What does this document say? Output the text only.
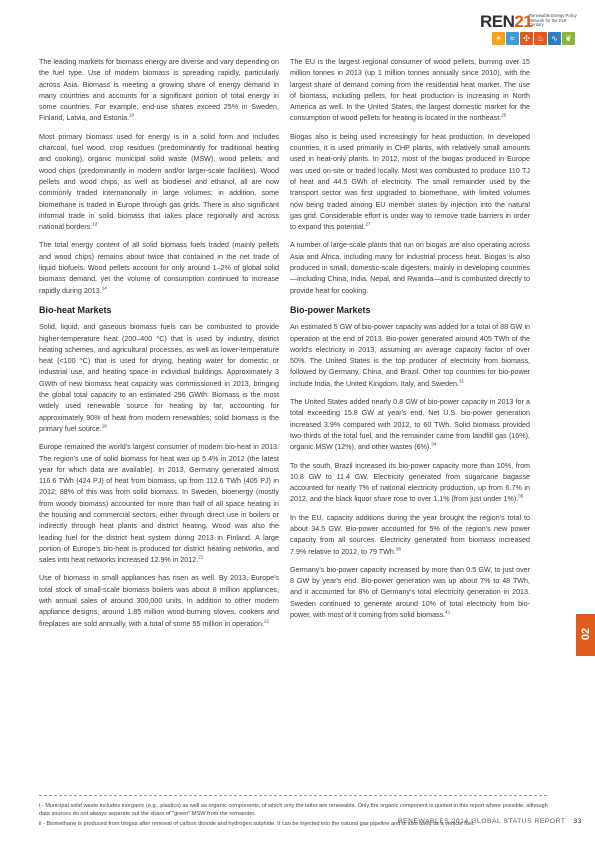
REN21
Renewable Energy Policy Network for the 21st Century
☀	≈	✣ ♨ ∿ ❦

The leading markets for biomass energy are diverse and vary depending on the fuel type. Use of modern biomass is spreading rapidly, particularly across Asia. Biomass is meeting a growing share of energy demand in many countries and accounts for a significant portion of total energy in some countries. For example, end-use shares exceed 25% in Sweden, Finland, Latvia, and Estonia.$^{10}$

Most primary biomass used for energy is in a solid form and includes charcoal, fuel wood, crop residues (predominantly for traditional heating and cooking), organic municipal solid waste (MSW), wood pellets, and wood chips (predominantly in modern and/or larger-scale facilities). Wood pellets and wood chips, as well as biodiesel and ethanol, all are now commonly traded internationally in large volumes; in addition, some biomethane is traded in Europe through gas grids. There is also significant informal trade in solid biomass that takes place regionally and across national borders.$^{12}$

The total energy content of all solid biomass fuels traded (mainly pellets and wood chips) remains about twice that contained in the net trade of liquid biofuels. Wood pellets account for only around 1–2% of global solid biomass demand, yet the volume of consumption continued to increase rapidly during 2013.14

Bio-heat Markets

Solid, liquid, and gaseous biomass fuels can be combusted to provide higher-temperature heat (200–400 °C) that is used by industry, district heating schemes, and agricultural processes, as well as lower-temperature heat (<100 °C) that is used for drying, heating water for domestic or industrial use, and heating space in individual buildings. Approximately 3 GWth of new biomass heat capacity was commissioned in 2013, bringing the global total capacity to an estimated 296 GWth. Biomass is the most widely used renewable source for heating by far, accounting for approximately 90% of heat from modern renewables; solid biomass is the primary fuel source.$^{16}$

Europe remained the world's largest consumer of modern bio-heat in 2013. The region's use of solid biomass for heat was up 5.4% in 2012 (the latest year for which data are available). In 2013, Germany generated almost 116.6 TWh (424 PJ) of heat from biomass, up from 112.6 TWh (405 PJ) in 2012; 88% of this was from solid biomass. In Sweden, bioenergy (mostly from woody biomass) accounted for more than half of all space heating in the housing and commercial sectors, either through direct use in boilers or indirectly through heat plants and district heating. Wood was also the leading fuel for the district heat system during 2013 in Finland. A large portion of Europe's bio-heat is produced for district heating networks, and sales into heat networks increased 12.9% in 2012.21

Use of biomass in small appliances has risen as well. By 2013, Europe's total stock of small-scale biomass boilers was about 8 million appliances, with annual sales of around 300,000 units. In addition to other modern appliance designs, around 1.85 million wood-burning stoves, cookers and fireplaces are sold annually, with a total of some 55 million in operation.$^{22}$

The EU is the largest regional consumer of wood pellets, burning over 15 million tonnes in 2013 (up 1 million tonnes annually since 2010), with the largest share of demand coming from the residential heat market. The use of biomass, including pellets, for heat production is increasing in North America as well. In the United States, the largest domestic market for the consumption of wood pellets for heating is located in the northeast.$^{25}$

Biogas also is being used increasingly for heat production. In developed countries, it is used primarily in CHP plants, with relatively small amounts used in heat-only plants. In 2012, most of the biogas produced in Europe was used on-site or traded locally. Most was combusted to produce 110 TJ of heat and 44.5 GWh of electricity. The small remainder used by the transport sector was first upgraded to biomethane, with limited volumes now being traded among EU member states by injection into the natural gas grid. Considerable effort is under way to remove trade barriers in order to expand this potential.$^{27}$

A number of large-scale plants that run on biogas are also operating across Asia and Africa, including many for industrial process heat. Biogas is also produced in small, domestic-scale digesters, mainly in developing countries—including China, India, Nepal, and Rwanda—and is combusted directly to provide heat for cooking.

Bio-power Markets

An estimated 5 GW of bio-power capacity was added for a total of 88 GW in operation at the end of 2013. Bio-power generated around 405 TWh of the world's electricity in 2013, assuming an average capacity factor of over 50%. The United States is the top producer of electricity from biomass, followed by Germany, China, and Brazil. Other top countries for bio-power include India, the United Kingdom, Italy, and Sweden.$^{31}$

The United States added nearly 0.8 GW of bio-power capacity in 2013 for a total exceeding 15.8 GW at year's end. Net U.S. bio-power generation increased 3.9% compared with 2012, to 60 TWh. Solid biomass provided two-thirds of the total fuel, and the remainder came from landfill gas (16%), organic MSW (12%), and other wastes (6%).$^{34}$

To the south, Brazil increased its bio-power capacity more than 10%, from 10.8 GW to 11.4 GW. Electricity generated from sugarcane bagasse accounted for nearly 7% of national electricity production, up from 6.7% in 2012, and the black liquor share rose to over 1.1% (from just under 1%).$^{35}$

In the EU, capacity additions during the year brought the region's total to about 34.5 GW. Bio-power accounted for 5% of the region's new power capacity from all sources. Electricity generated from biomass increased 7.9% relative to 2012, to 79 TWh.$^{38}$

Germany's bio-power capacity increased by more than 0.5 GW, to just over 8 GW by year's end. Bio-power generation was up about 7% to 48 TWh, and it accounted for 8% of Germany's total electricity generation in 2013. Sweden continued to generate around 10% of total electricity from bio-power, with most of it coming from solid biomass.$^{41}$

02

i - Municipal solid waste includes inorganic (e.g., plastics) as well as organic components, of which only the latter are renewable. Only the organic component is quoted in this report where possible, although data sources do not always separate out the share of "green" MSW from the remainder.

ii - Biomethane is produced from biogas after removal of carbon dioxide and hydrogen sulphide. It can be injected into the natural gas pipeline and is also used as a vehicle fuel.

RENEWABLES 2014 GLOBAL STATUS REPORT 33
